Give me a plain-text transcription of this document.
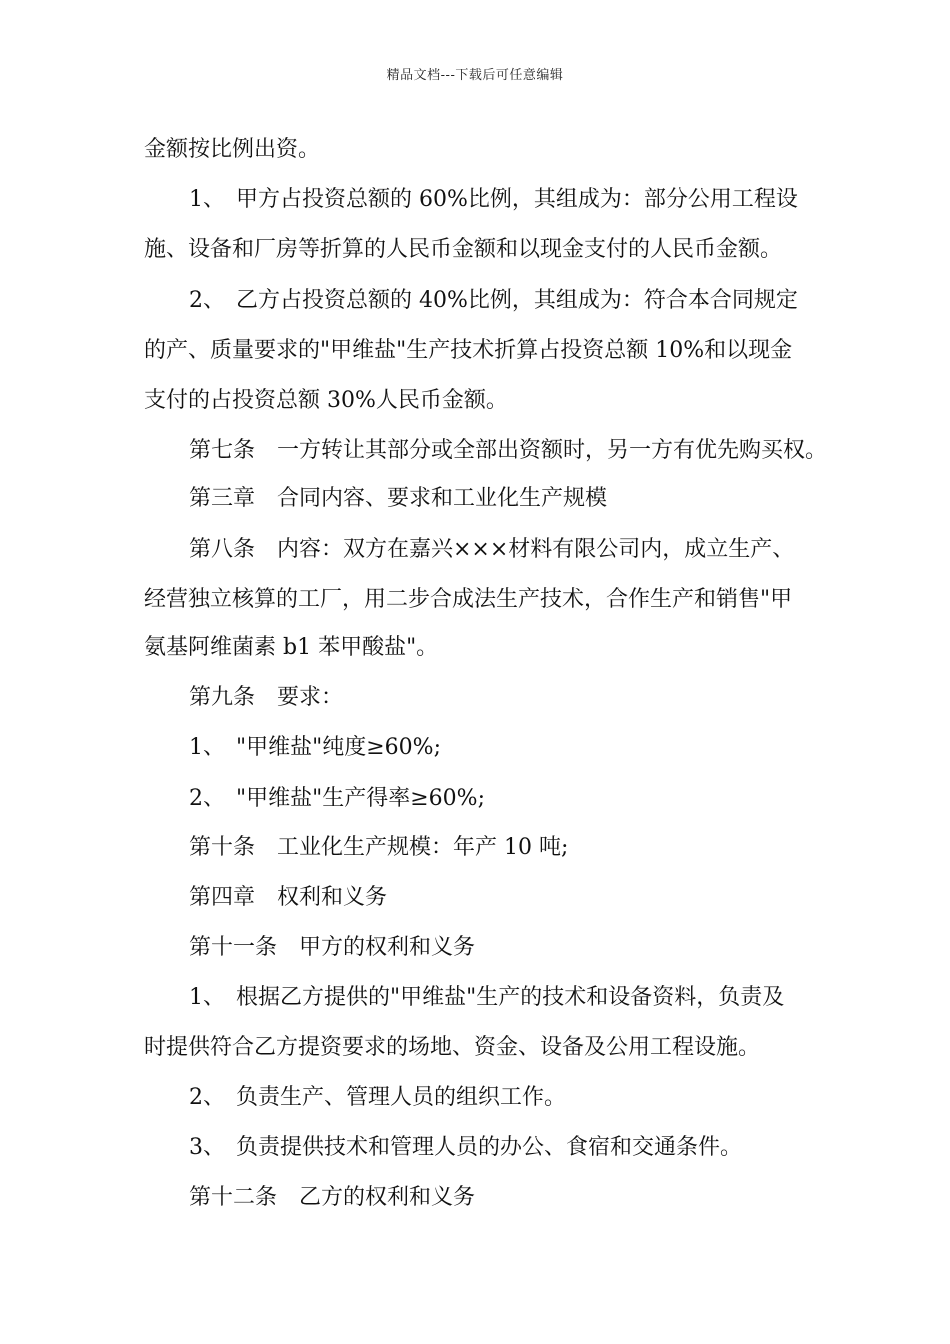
精品文档---下载后可任意编辑
金额按比例出资。
1、　甲方占投资总额的 60%比例，其组成为：部分公用工程设
施、设备和厂房等折算的人民币金额和以现金支付的人民币金额。
2、　乙方占投资总额的 40%比例，其组成为：符合本合同规定
的产、质量要求的"甲维盐"生产技术折算占投资总额 10%和以现金
支付的占投资总额 30%人民币金额。
第七条　一方转让其部分或全部出资额时，另一方有优先购买权。
第三章　合同内容、要求和工业化生产规模
第八条　内容：双方在嘉兴×××材料有限公司内，成立生产、
经营独立核算的工厂，用二步合成法生产技术，合作生产和销售"甲
氨基阿维菌素 b1 苯甲酸盐"。
第九条　要求：
1、　"甲维盐"纯度≥60%;
2、　"甲维盐"生产得率≥60%;
第十条　工业化生产规模：年产 10 吨;
第四章　权利和义务
第十一条　甲方的权利和义务
1、　根据乙方提供的"甲维盐"生产的技术和设备资料，负责及
时提供符合乙方提资要求的场地、资金、设备及公用工程设施。
2、　负责生产、管理人员的组织工作。
3、　负责提供技术和管理人员的办公、食宿和交通条件。
第十二条　乙方的权利和义务
